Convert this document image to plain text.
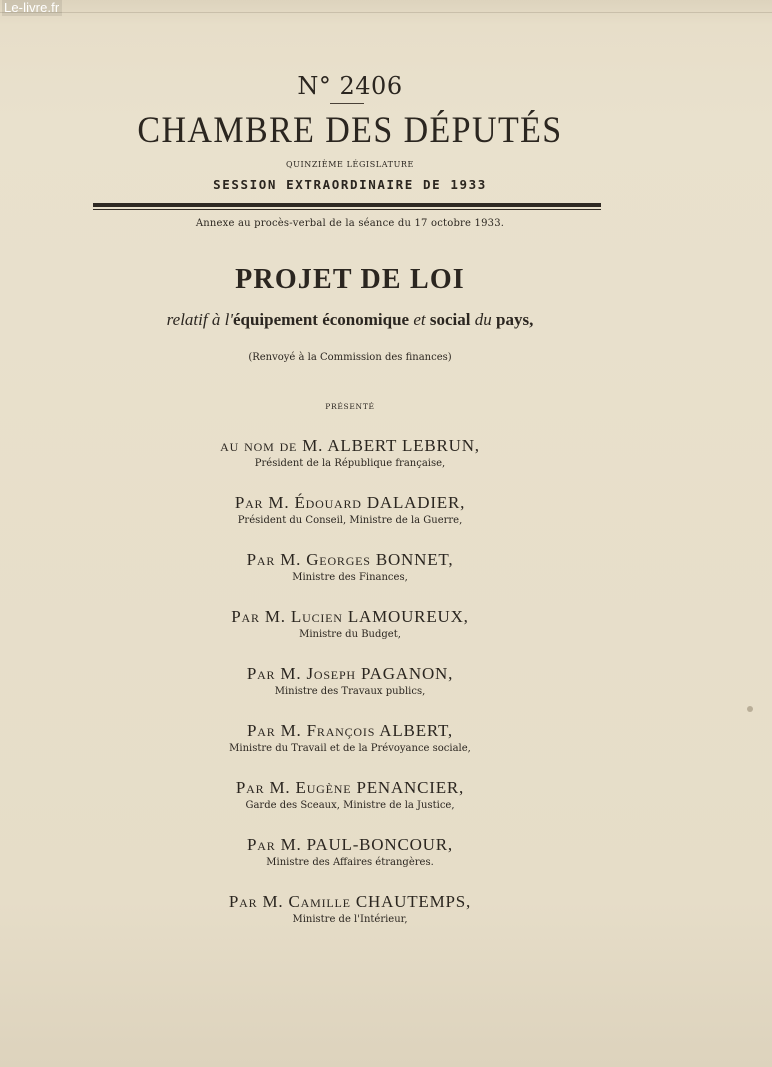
Le-livre.fr
N° 2406
CHAMBRE DES DÉPUTÉS
QUINZIÈME LÉGISLATURE
SESSION EXTRAORDINAIRE DE 1933
Annexe au procès-verbal de la séance du 17 octobre 1933.
PROJET DE LOI
relatif à l'équipement économique et social du pays,
(Renvoyé à la Commission des finances)
PRÉSENTÉ
au nom de M. ALBERT LEBRUN,
Président de la République française,
Par M. Édouard DALADIER,
Président du Conseil, Ministre de la Guerre,
Par M. Georges BONNET,
Ministre des Finances,
Par M. Lucien LAMOUREUX,
Ministre du Budget,
Par M. Joseph PAGANON,
Ministre des Travaux publics,
Par M. François ALBERT,
Ministre du Travail et de la Prévoyance sociale,
Par M. Eugène PENANCIER,
Garde des Sceaux, Ministre de la Justice,
Par M. PAUL-BONCOUR,
Ministre des Affaires étrangères.
Par M. Camille CHAUTEMPS,
Ministre de l'Intérieur,
